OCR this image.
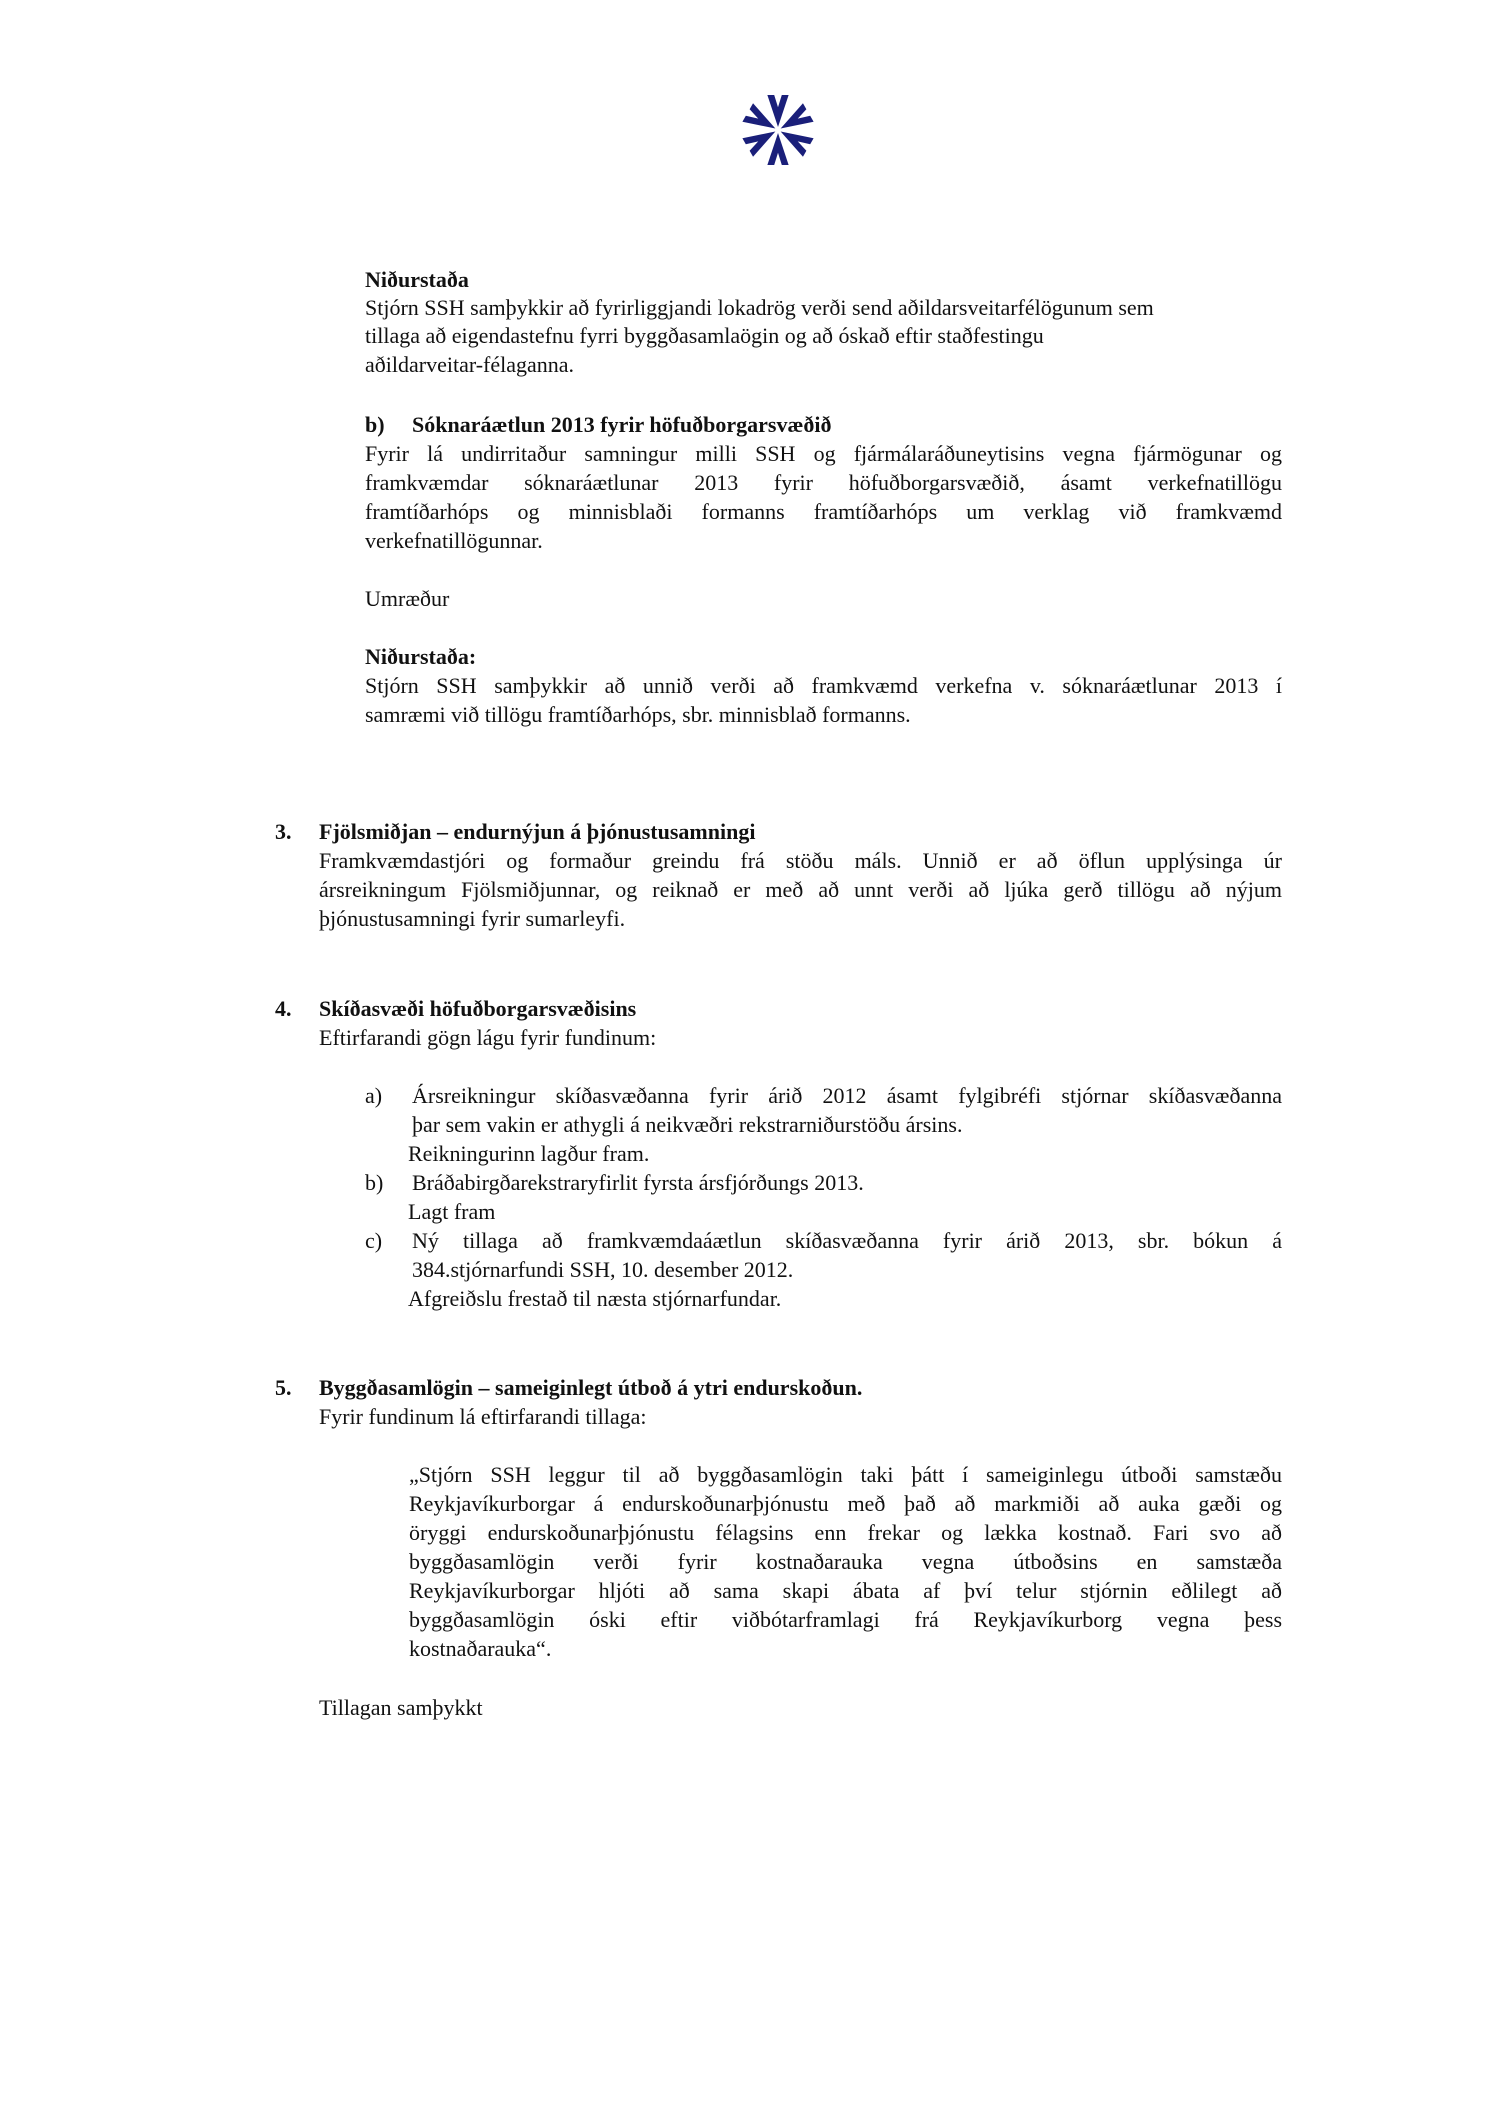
Niðurstaða
Stjórn SSH samþykkir að fyrirliggjandi lokadrög verði send aðildarsveitarfélögunum sem
tillaga að eigendastefnu fyrri byggðasamlaögin og að óskað eftir staðfestingu
aðildarveitar-félaganna.
b) Sóknaráætlun 2013 fyrir höfuðborgarsvæðið
Fyrir lá undirritaður samningur milli SSH og fjármálaráðuneytisins vegna fjármögunar og
framkvæmdar sóknaráætlunar 2013 fyrir höfuðborgarsvæðið, ásamt verkefnatillögu
framtíðarhóps og minnisblaði formanns framtíðarhóps um verklag við framkvæmd
verkefnatillögunnar.
Umræður
Niðurstaða:
Stjórn SSH samþykkir að unnið verði að framkvæmd verkefna v. sóknaráætlunar 2013 í
samræmi við tillögu framtíðarhóps, sbr. minnisblað formanns.
3. Fjölsmiðjan – endurnýjun á þjónustusamningi
Framkvæmdastjóri og formaður greindu frá stöðu máls. Unnið er að öflun upplýsinga úr
ársreikningum Fjölsmiðjunnar, og reiknað er með að unnt verði að ljúka gerð tillögu að nýjum
þjónustusamningi fyrir sumarleyfi.
4. Skíðasvæði höfuðborgarsvæðisins
Eftirfarandi gögn lágu fyrir fundinum:
a) Ársreikningur skíðasvæðanna fyrir árið 2012 ásamt fylgibréfi stjórnar skíðasvæðanna
þar sem vakin er athygli á neikvæðri rekstrarniðurstöðu ársins.
Reikningurinn lagður fram.
b) Bráðabirgðarekstraryfirlit fyrsta ársfjórðungs 2013.
Lagt fram
c) Ný tillaga að framkvæmdaáætlun skíðasvæðanna fyrir árið 2013, sbr. bókun á
384.stjórnarfundi SSH, 10. desember 2012.
Afgreiðslu frestað til næsta stjórnarfundar.
5. Byggðasamlögin – sameiginlegt útboð á ytri endurskoðun.
Fyrir fundinum lá eftirfarandi tillaga:
„Stjórn SSH leggur til að byggðasamlögin taki þátt í sameiginlegu útboði samstæðu
Reykjavíkurborgar á endurskoðunarþjónustu með það að markmiði að auka gæði og
öryggi endurskoðunarþjónustu félagsins enn frekar og lækka kostnað. Fari svo að
byggðasamlögin verði fyrir kostnaðarauka vegna útboðsins en samstæða
Reykjavíkurborgar hljóti að sama skapi ábata af því telur stjórnin eðlilegt að
byggðasamlögin óski eftir viðbótarframlagi frá Reykjavíkurborg vegna þess
kostnaðarauka“.
Tillagan samþykkt
